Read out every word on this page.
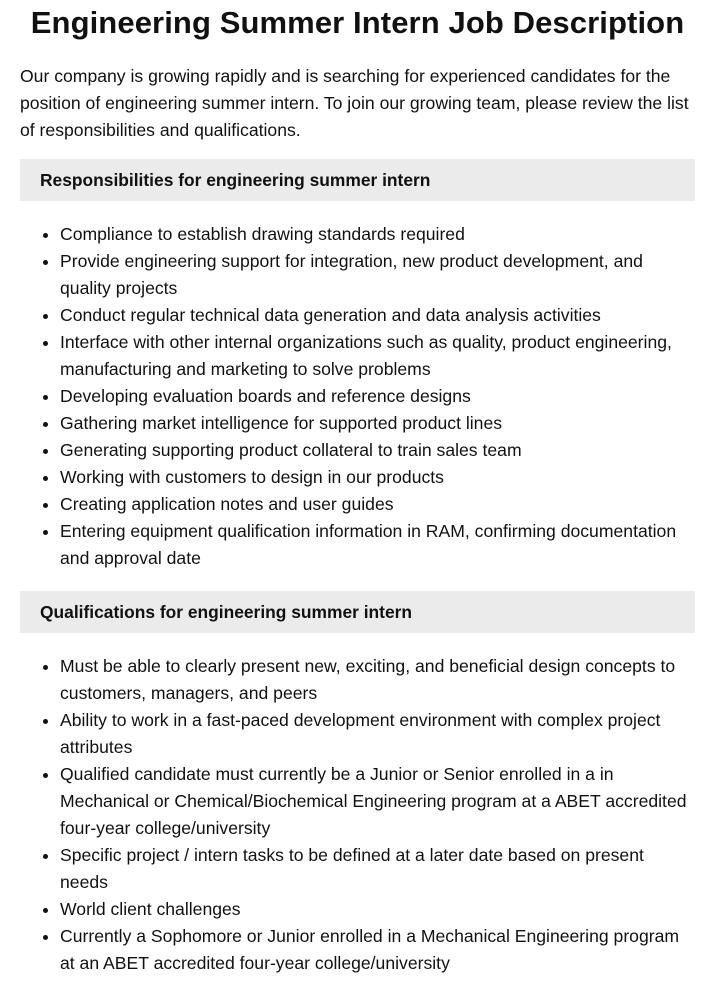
Engineering Summer Intern Job Description

Our company is growing rapidly and is searching for experienced candidates for the position of engineering summer intern. To join our growing team, please review the list of responsibilities and qualifications.

Responsibilities for engineering summer intern
• Compliance to establish drawing standards required
• Provide engineering support for integration, new product development, and quality projects
• Conduct regular technical data generation and data analysis activities
• Interface with other internal organizations such as quality, product engineering, manufacturing and marketing to solve problems
• Developing evaluation boards and reference designs
• Gathering market intelligence for supported product lines
• Generating supporting product collateral to train sales team
• Working with customers to design in our products
• Creating application notes and user guides
• Entering equipment qualification information in RAM, confirming documentation and approval date
Qualifications for engineering summer intern
• Must be able to clearly present new, exciting, and beneficial design concepts to customers, managers, and peers
• Ability to work in a fast-paced development environment with complex project attributes
• Qualified candidate must currently be a Junior or Senior enrolled in a in Mechanical or Chemical/Biochemical Engineering program at a ABET accredited four-year college/university
• Specific project / intern tasks to be defined at a later date based on present needs
• World client challenges
• Currently a Sophomore or Junior enrolled in a Mechanical Engineering program at an ABET accredited four-year college/university
